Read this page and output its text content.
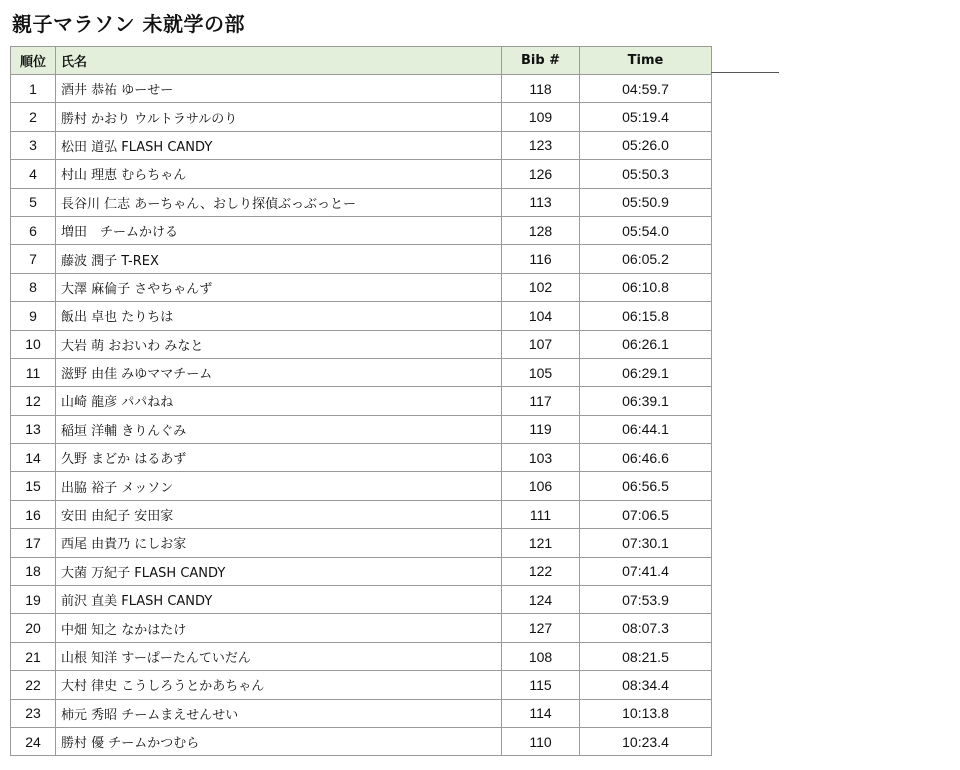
親子マラソン 未就学の部
順位	氏名	Bib #	Time
1	酒井 恭祐 ゆーせー	118	04:59.7
2	勝村 かおり ウルトラサルのり	109	05:19.4
3	松田 道弘 FLASH CANDY	123	05:26.0
4	村山 理恵 むらちゃん	126	05:50.3
5	長谷川 仁志 あーちゃん、おしり探偵ぶっぶっとー	113	05:50.9
6	増田　チームかける	128	05:54.0
7	藤波 潤子 T-REX	116	06:05.2
8	大澤 麻倫子 さやちゃんず	102	06:10.8
9	飯出 卓也 たりちは	104	06:15.8
10	大岩 萌 おおいわ みなと	107	06:26.1
11	滋野 由佳 みゆママチーム	105	06:29.1
12	山崎 龍彦 パパねね	117	06:39.1
13	稲垣 洋輔 きりんぐみ	119	06:44.1
14	久野 まどか はるあず	103	06:46.6
15	出脇 裕子 メッソン	106	06:56.5
16	安田 由紀子 安田家	111	07:06.5
17	西尾 由貴乃 にしお家	121	07:30.1
18	大菌 万紀子 FLASH CANDY	122	07:41.4
19	前沢 直美 FLASH CANDY	124	07:53.9
20	中畑 知之 なかはたけ	127	08:07.3
21	山根 知洋 すーぱーたんていだん	108	08:21.5
22	大村 律史 こうしろうとかあちゃん	115	08:34.4
23	柿元 秀昭 チームまえせんせい	114	10:13.8
24	勝村 優 チームかつむら	110	10:23.4
